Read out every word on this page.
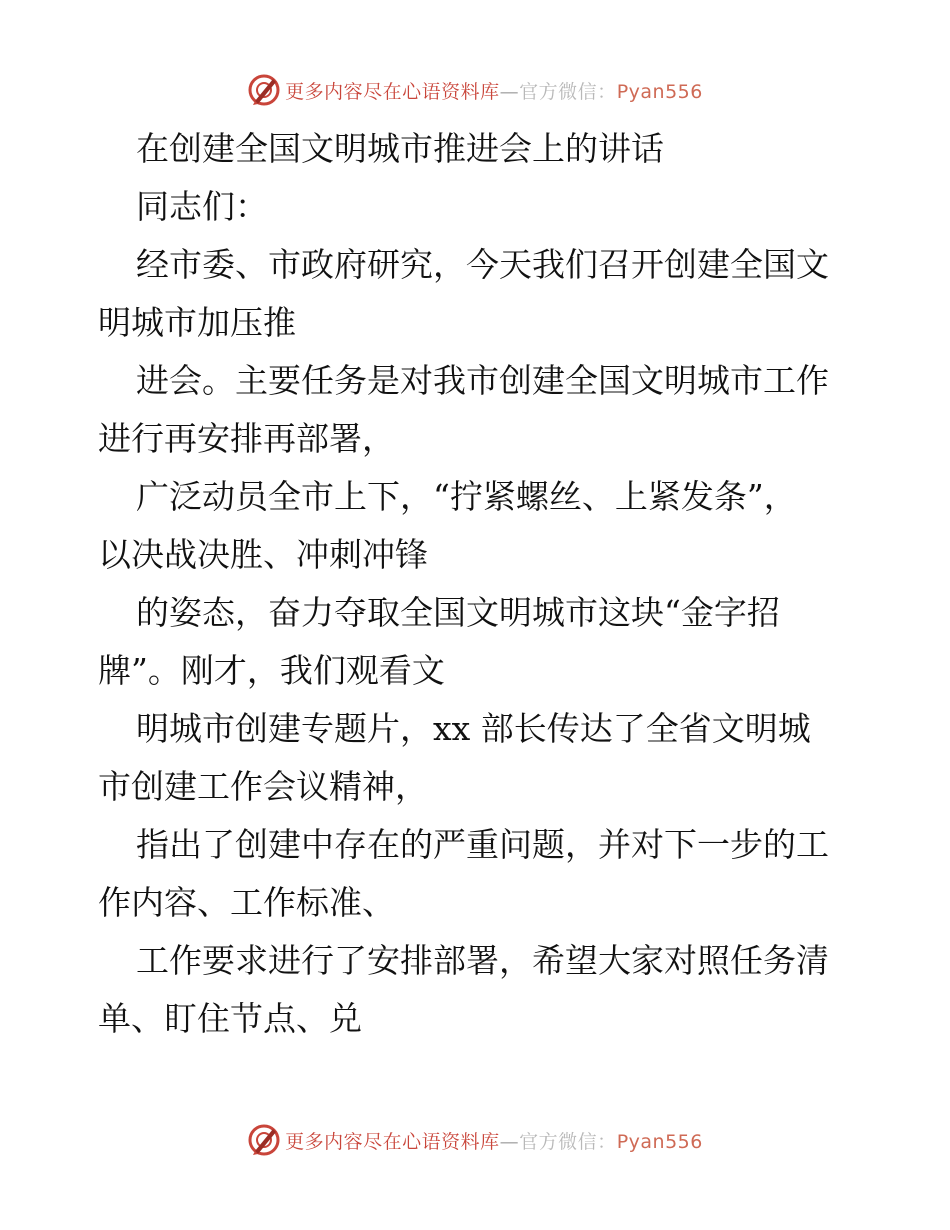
更多内容尽在心语资料库—官方微信：Pyan556
在创建全国文明城市推进会上的讲话
同志们：
经市委、市政府研究，今天我们召开创建全国文
明城市加压推
进会。主要任务是对我市创建全国文明城市工作
进行再安排再部署，
广泛动员全市上下，“拧紧螺丝、上紧发条”，
以决战决胜、冲刺冲锋
的姿态，奋力夺取全国文明城市这块“金字招
牌”。刚才，我们观看文
明城市创建专题片，xx 部长传达了全省文明城
市创建工作会议精神，
指出了创建中存在的严重问题，并对下一步的工
作内容、工作标准、
工作要求进行了安排部署，希望大家对照任务清
单、盯住节点、兑
更多内容尽在心语资料库—官方微信：Pyan556
